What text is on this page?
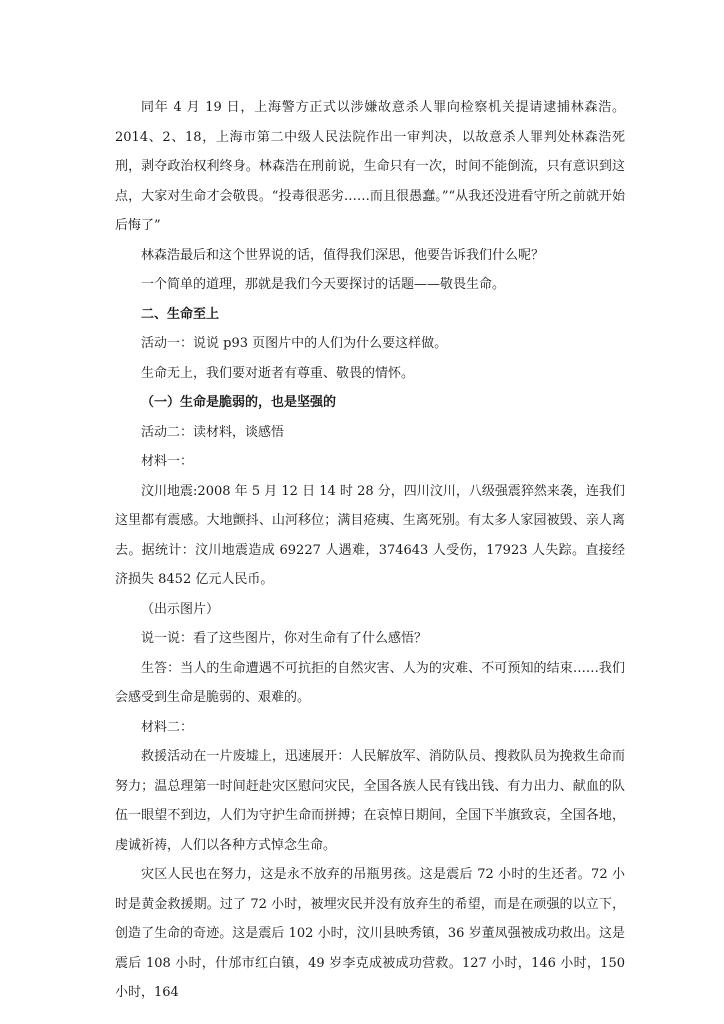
同年 4 月 19 日，上海警方正式以涉嫌故意杀人罪向检察机关提请逮捕林森浩。2014、2、18，上海市第二中级人民法院作出一审判决，以故意杀人罪判处林森浩死刑，剥夺政治权利终身。林森浩在刑前说，生命只有一次，时间不能倒流，只有意识到这点，大家对生命才会敬畏。“投毒很恶劣……而且很愚蠢。”“从我还没进看守所之前就开始后悔了”

林森浩最后和这个世界说的话，值得我们深思，他要告诉我们什么呢？

一个简单的道理，那就是我们今天要探讨的话题——敬畏生命。

二、生命至上

活动一：说说 p93 页图片中的人们为什么要这样做。

生命无上，我们要对逝者有尊重、敬畏的情怀。

（一）生命是脆弱的，也是坚强的

活动二：读材料，谈感悟

材料一：

汶川地震:2008 年 5 月 12 日 14 时 28 分，四川汶川，八级强震猝然来袭，连我们这里都有震感。大地颤抖、山河移位；满目疮痍、生离死别。有太多人家园被毁、亲人离去。据统计：汶川地震造成 69227 人遇难，374643 人受伤，17923 人失踪。直接经济损失 8452 亿元人民币。

（出示图片）

说一说：看了这些图片，你对生命有了什么感悟？

生答：当人的生命遭遇不可抗拒的自然灾害、人为的灾难、不可预知的结束……我们会感受到生命是脆弱的、艰难的。

材料二：

救援活动在一片废墟上，迅速展开：人民解放军、消防队员、搜救队员为挽救生命而努力；温总理第一时间赶赴灾区慰问灾民，全国各族人民有钱出钱、有力出力、献血的队伍一眼望不到边，人们为守护生命而拼搏；在哀悼日期间，全国下半旗致哀，全国各地，虔诚祈祷，人们以各种方式悼念生命。

灾区人民也在努力，这是永不放弃的吊瓶男孩。这是震后 72 小时的生还者。72 小时是黄金救援期。过了 72 小时，被埋灾民并没有放弃生的希望，而是在顽强的以立下，创造了生命的奇迹。这是震后 102 小时，汶川县映秀镇，36 岁董凤强被成功救出。这是震后 108 小时，什邡市红白镇，49 岁李克成被成功营救。127 小时，146 小时，150 小时，164
